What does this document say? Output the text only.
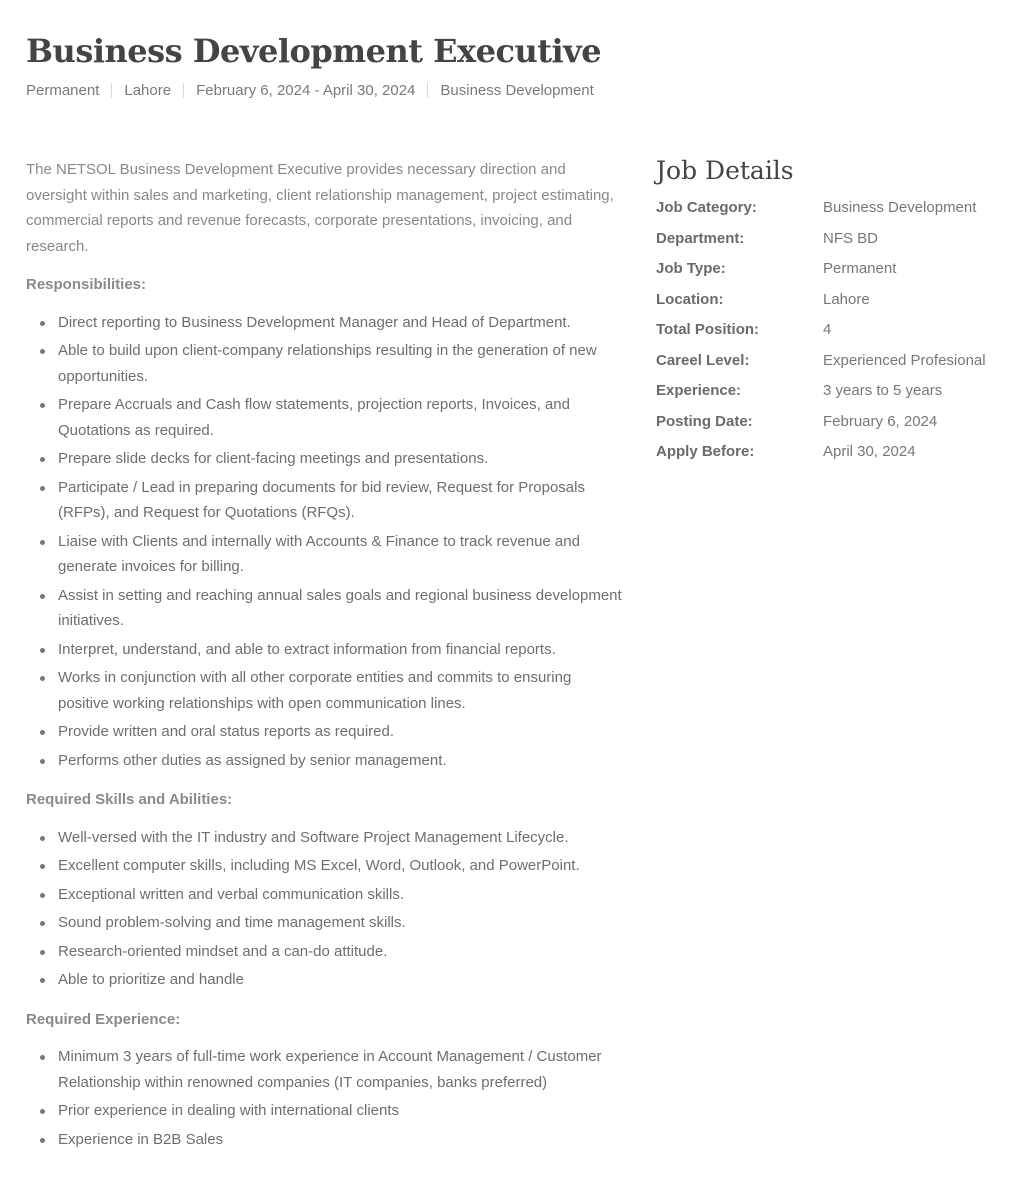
Business Development Executive
Permanent Lahore February 6, 2024 - April 30, 2024 Business Development

The NETSOL Business Development Executive provides necessary direction and oversight within sales and marketing, client relationship management, project estimating, commercial reports and revenue forecasts, corporate presentations, invoicing, and research.

Responsibilities:
Direct reporting to Business Development Manager and Head of Department.
Able to build upon client-company relationships resulting in the generation of new opportunities.
Prepare Accruals and Cash flow statements, projection reports, Invoices, and Quotations as required.
Prepare slide decks for client-facing meetings and presentations.
Participate / Lead in preparing documents for bid review, Request for Proposals (RFPs), and Request for Quotations (RFQs).
Liaise with Clients and internally with Accounts & Finance to track revenue and generate invoices for billing.
Assist in setting and reaching annual sales goals and regional business development initiatives.
Interpret, understand, and able to extract information from financial reports.
Works in conjunction with all other corporate entities and commits to ensuring positive working relationships with open communication lines.
Provide written and oral status reports as required.
Performs other duties as assigned by senior management.
Required Skills and Abilities:
Well-versed with the IT industry and Software Project Management Lifecycle.
Excellent computer skills, including MS Excel, Word, Outlook, and PowerPoint.
Exceptional written and verbal communication skills.
Sound problem-solving and time management skills.
Research-oriented mindset and a can-do attitude.
Able to prioritize and handle
Required Experience:
Minimum 3 years of full-time work experience in Account Management / Customer Relationship within renowned companies (IT companies, banks preferred)
Prior experience in dealing with international clients
Experience in B2B Sales
Job Details
Job Category:	Business Development
Department:	NFS BD
Job Type:	Permanent
Location:	Lahore
Total Position:	4
Careel Level:	Experienced Profesional
Experience:	3 years to 5 years
Posting Date:	February 6, 2024
Apply Before:	April 30, 2024
